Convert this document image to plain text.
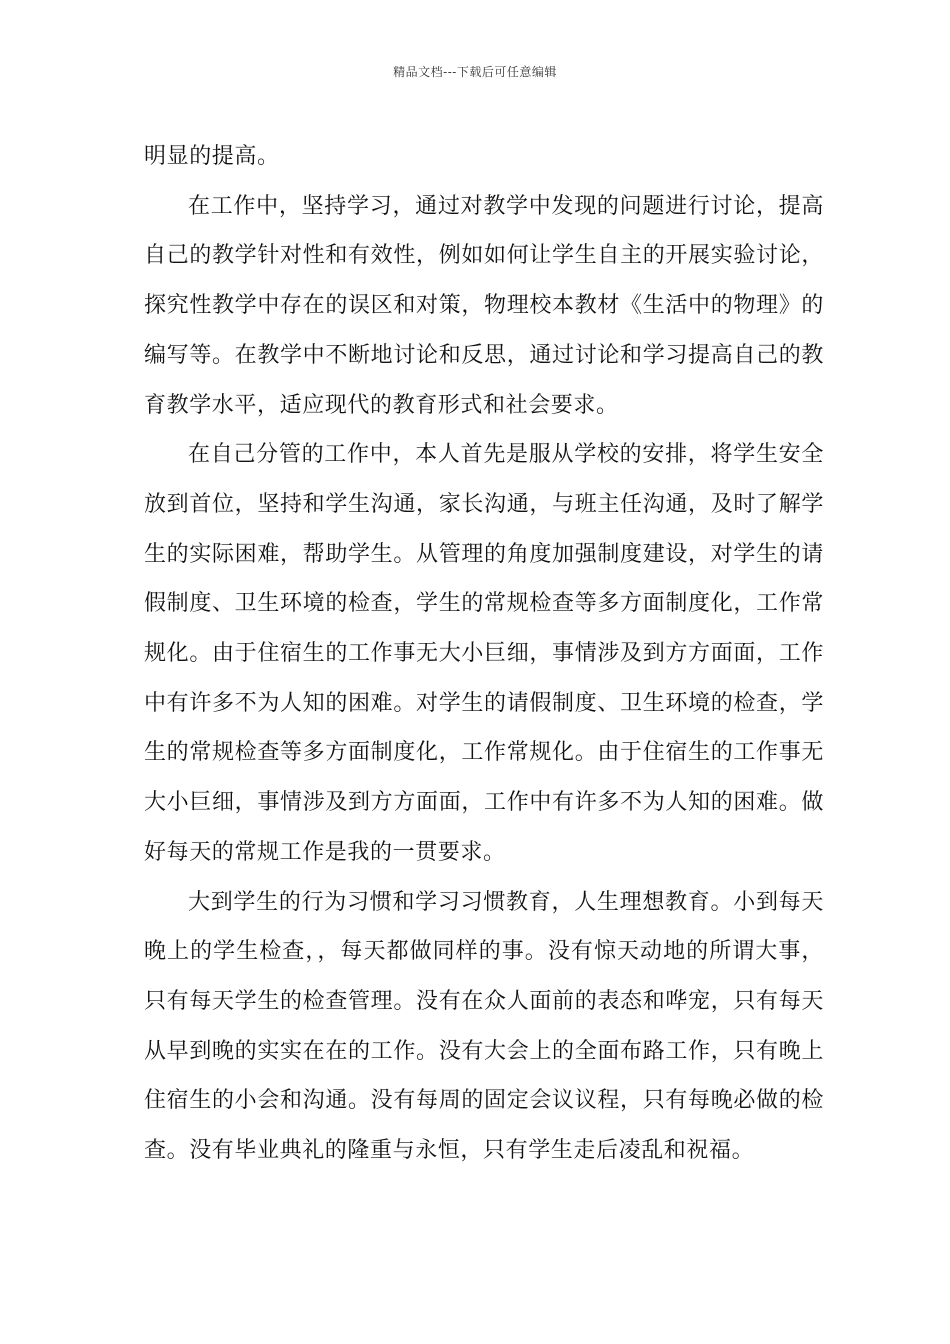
精品文档---下载后可任意编辑

明显的提高。

在工作中，坚持学习，通过对教学中发现的问题进行讨论，提高自己的教学针对性和有效性，例如如何让学生自主的开展实验讨论，探究性教学中存在的误区和对策，物理校本教材《生活中的物理》的编写等。在教学中不断地讨论和反思，通过讨论和学习提高自己的教育教学水平，适应现代的教育形式和社会要求。

在自己分管的工作中，本人首先是服从学校的安排，将学生安全放到首位，坚持和学生沟通，家长沟通，与班主任沟通，及时了解学生的实际困难，帮助学生。从管理的角度加强制度建设，对学生的请假制度、卫生环境的检查，学生的常规检查等多方面制度化，工作常规化。由于住宿生的工作事无大小巨细，事情涉及到方方面面，工作中有许多不为人知的困难。对学生的请假制度、卫生环境的检查，学生的常规检查等多方面制度化，工作常规化。由于住宿生的工作事无大小巨细，事情涉及到方方面面，工作中有许多不为人知的困难。做好每天的常规工作是我的一贯要求。

大到学生的行为习惯和学习习惯教育，人生理想教育。小到每天晚上的学生检查，，每天都做同样的事。没有惊天动地的所谓大事，只有每天学生的检查管理。没有在众人面前的表态和哗宠，只有每天从早到晚的实实在在的工作。没有大会上的全面布路工作，只有晚上住宿生的小会和沟通。没有每周的固定会议议程，只有每晚必做的检查。没有毕业典礼的隆重与永恒，只有学生走后凌乱和祝福。
